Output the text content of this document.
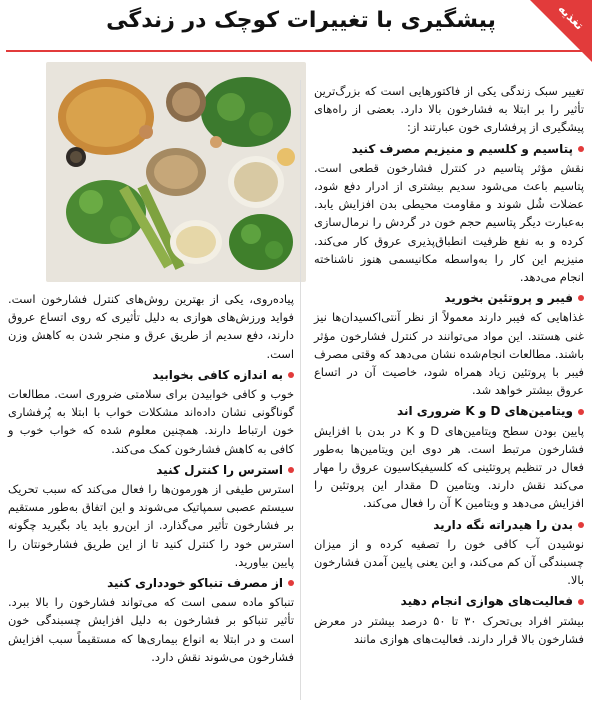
تغذیه
پیشگیری با تغییرات کوچک در زندگی

تغییر سبک زندگی یکی از فاکتورهایی است که بزرگ‌ترین تأثیر را بر ابتلا به فشارخون بالا دارد. بعضی از راه‌های پیشگیری از پرفشاری خون عبارتند از:

پتاسیم و کلسیم و منیزیم مصرف کنید

نقش مؤثر پتاسیم در کنترل فشارخون قطعی است. پتاسیم باعث می‌شود سدیم بیشتری از ادرار دفع شود، عضلات شُل شوند و مقاومت محیطی بدن افزایش یابد. به‌عبارت دیگر پتاسیم حجم خون در گردش را نرمال‌سازی کرده و به نفع ظرفیت انطباق‌پذیری عروق کار می‌کند. منیزیم این کار را به‌واسطه مکانیسمی هنوز ناشناخته انجام می‌دهد.

فیبر و پروتئین بخورید

غذاهایی که فیبر دارند معمولاً از نظر آنتی‌اکسیدان‌ها نیز غنی هستند. این مواد می‌توانند در کنترل فشارخون مؤثر باشند. مطالعات انجام‌شده نشان می‌دهد که وقتی مصرف فیبر با پروتئین زیاد همراه شود، خاصیت آن در اتساع عروق بیشتر خواهد شد.

ویتامین‌های D و K ضروری اند

پایین بودن سطح ویتامین‌های D و K در بدن با افزایش فشارخون مرتبط است. هر دوی این ویتامین‌ها به‌طور فعال در تنظیم پروتئینی که کلسیفیکاسیون عروق را مهار می‌کند نقش دارند. ویتامین D مقدار این پروتئین را افزایش می‌دهد و ویتامین K آن را فعال می‌کند.

بدن را هیدراته نگه دارید

نوشیدن آب کافی خون را تصفیه کرده و از میزان چسبندگی آن کم می‌کند، و این یعنی پایین آمدن فشارخون بالا.

فعالیت‌های هوازی انجام دهید

بیشتر افراد بی‌تحرک ۳۰ تا ۵۰ درصد بیشتر در معرض فشارخون بالا قرار دارند. فعالیت‌های هوازی مانند

پیاده‌روی، یکی از بهترین روش‌های کنترل فشارخون است. فواید ورزش‌های هوازی به دلیل تأثیری که روی اتساع عروق دارند، دفع سدیم از طریق عرق و منجر شدن به کاهش وزن است.

به اندازه کافی بخوابید

خوب و کافی خوابیدن برای سلامتی ضروری است. مطالعات گوناگونی نشان داده‌اند مشکلات خواب با ابتلا به پُرفشاری خون ارتباط دارند. همچنین معلوم شده که خواب خوب و کافی به کاهش فشارخون کمک می‌کند.

استرس را کنترل کنید

استرس طیفی از هورمون‌ها را فعال می‌کند که سبب تحریک سیستم عصبی سمپاتیک می‌شوند و این اتفاق به‌طور مستقیم بر فشارخون تأثیر می‌گذارد. از این‌رو باید یاد بگیرید چگونه استرس خود را کنترل کنید تا از این طریق فشارخونتان را پایین بیاورید.

از مصرف تنباکو خودداری کنید

تنباکو ماده سمی است که می‌تواند فشارخون را بالا ببرد. تأثیر تنباکو بر فشارخون به دلیل افزایش چسبندگی خون است و در ابتلا به انواع بیماری‌ها که مستقیماً سبب افزایش فشارخون می‌شوند نقش دارد.
